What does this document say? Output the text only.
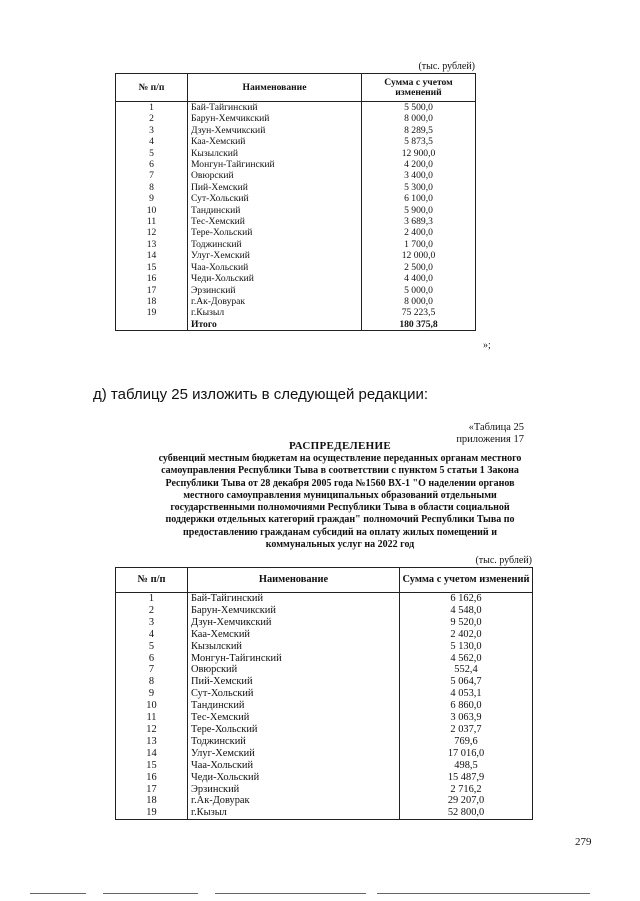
(тыс. рублей)
№ п/п	Наименование	Сумма с учетом изменений
1	Бай-Тайгинский	5 500,0
2	Барун-Хемчикский	8 000,0
3	Дзун-Хемчикский	8 289,5
4	Каа-Хемский	5 873,5
5	Кызылский	12 900,0
6	Монгун-Тайгинский	4 200,0
7	Овюрский	3 400,0
8	Пий-Хемский	5 300,0
9	Сут-Хольский	6 100,0
10	Тандинский	5 900,0
11	Тес-Хемский	3 689,3
12	Тере-Хольский	2 400,0
13	Тоджинский	1 700,0
14	Улуг-Хемский	12 000,0
15	Чаа-Хольский	2 500,0
16	Чеди-Хольский	4 400,0
17	Эрзинский	5 000,0
18	г.Ак-Довурак	8 000,0
19	г.Кызыл	75 223,5
	Итого	180 375,8
»;
д) таблицу 25 изложить в следующей редакции:
«Таблица 25
приложения 17
РАСПРЕДЕЛЕНИЕ
субвенций местным бюджетам на осуществление переданных органам местного самоуправления Республики Тыва в соответствии с пунктом 5 статьи 1 Закона Республики Тыва от 28 декабря 2005 года №1560 ВХ-1 "О наделении органов местного самоуправления муниципальных образований отдельными государственными полномочиями Республики Тыва в области социальной поддержки отдельных категорий граждан" полномочий Республики Тыва по предоставлению гражданам субсидий на оплату жилых помещений и коммунальных услуг на 2022 год
(тыс. рублей)
№ п/п	Наименование	Сумма с учетом изменений
1	Бай-Тайгинский	6 162,6
2	Барун-Хемчикский	4 548,0
3	Дзун-Хемчикский	9 520,0
4	Каа-Хемский	2 402,0
5	Кызылский	5 130,0
6	Монгун-Тайгинский	4 562,0
7	Овюрский	552,4
8	Пий-Хемский	5 064,7
9	Сут-Хольский	4 053,1
10	Тандинский	6 860,0
11	Тес-Хемский	3 063,9
12	Тере-Хольский	2 037,7
13	Тоджинский	769,6
14	Улуг-Хемский	17 016,0
15	Чаа-Хольский	498,5
16	Чеди-Хольский	15 487,9
17	Эрзинский	2 716,2
18	г.Ак-Довурак	29 207,0
19	г.Кызыл	52 800,0
279
